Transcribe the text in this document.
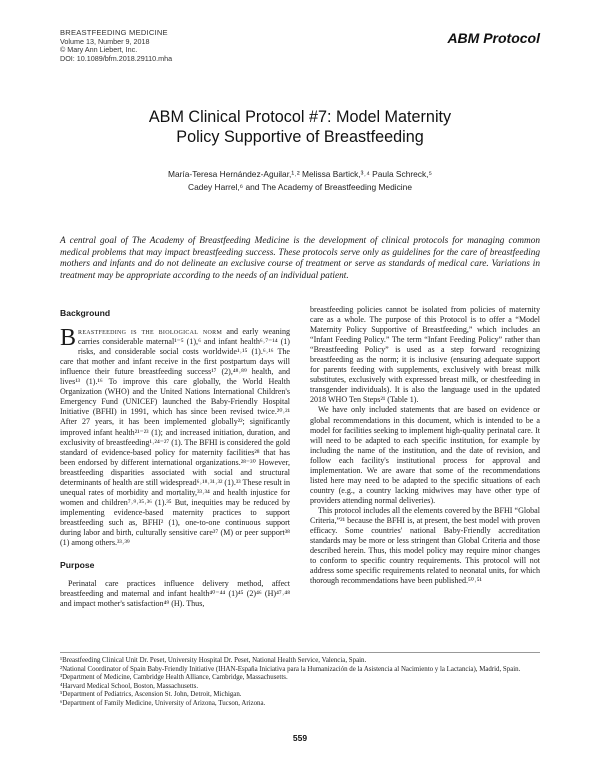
BREASTFEEDING MEDICINE
Volume 13, Number 9, 2018
© Mary Ann Liebert, Inc.
DOI: 10.1089/bfm.2018.29110.mha
ABM Protocol
ABM Clinical Protocol #7: Model Maternity
Policy Supportive of Breastfeeding
María-Teresa Hernández-Aguilar,¹˒² Melissa Bartick,³˒⁴ Paula Schreck,⁵
Cadey Harrel,⁶ and The Academy of Breastfeeding Medicine
A central goal of The Academy of Breastfeeding Medicine is the development of clinical protocols for managing common medical problems that may impact breastfeeding success. These protocols serve only as guidelines for the care of breastfeeding mothers and infants and do not delineate an exclusive course of treatment or serve as standards of medical care. Variations in treatment may be appropriate according to the needs of an individual patient.
Background

Breastfeeding is the biological norm and early weaning carries considerable maternal¹⁻⁵ (1),⁶ and infant health⁶˒⁷⁻¹⁴ (1) risks, and considerable social costs worldwide¹˒¹⁵ (1).⁶˒¹⁶ The care that mother and infant receive in the first postpartum days will influence their future breastfeeding success¹⁷ (2),⁴⁸˒⁸⁹ health, and lives¹³ (1).¹⁶ To improve this care globally, the World Health Organization (WHO) and the United Nations International Children's Emergency Fund (UNICEF) launched the Baby-Friendly Hospital Initiative (BFHI) in 1991, which has since been revised twice.²⁰˒²¹ After 27 years, it has been implemented globally²²; significantly improved infant health²¹⁻²³ (1); and increased initiation, duration, and exclusivity of breastfeeding¹˒²⁴⁻²⁷ (1). The BFHI is considered the gold standard of evidence-based policy for maternity facilities²⁸ that has been endorsed by different international organizations.²⁸⁻³⁰ However, breastfeeding disparities associated with social and structural determinants of health are still widespread⁶˒¹⁸˒³¹˒³² (1).³³ These result in unequal rates of morbidity and mortality,³³˒³⁴ and health injustice for women and children⁷˒⁹˒³⁵˒³⁶ (1).³⁵ But, inequities may be reduced by implementing evidence-based maternity practices to support breastfeeding such as, BFHI² (1), one-to-one continuous support during labor and birth, culturally sensitive care³⁷ (M) or peer support³⁸ (1) among others.³³˒³⁹

Purpose

Perinatal care practices influence delivery method, affect breastfeeding and maternal and infant health⁴⁰⁻⁴⁴ (1)⁴⁵ (2)⁴⁶ (H)⁴⁷˒⁴⁸ and impact mother's satisfaction⁴⁹ (H). Thus,

breastfeeding policies cannot be isolated from policies of maternity care as a whole. The purpose of this Protocol is to offer a “Model Maternity Policy Supportive of Breastfeeding,” which includes an “Infant Feeding Policy.” The term “Infant Feeding Policy” rather than “Breastfeeding Policy” is used as a step forward recognizing breastfeeding as the norm; it is inclusive (ensuring adequate support for parents feeding with supplements, exclusively with breast milk substitutes, exclusively with expressed breast milk, or chestfeeding in transgender individuals). It is also the language used in the updated 2018 WHO Ten Steps²¹ (Table 1).

We have only included statements that are based on evidence or global recommendations in this document, which is intended to be a model for facilities seeking to implement high-quality perinatal care. It will need to be adapted to each specific institution, for example by including the name of the institution, and the date of revision, and follow each facility's institutional process for approval and implementation. We are aware that some of the recommendations listed here may need to be adapted to the specific situations of each country (e.g., a country lacking midwives may have other type of providers attending normal deliveries).

This protocol includes all the elements covered by the BFHI “Global Criteria,”²¹ because the BFHI is, at present, the best model with proven efficacy. Some countries' national Baby-Friendly accreditation standards may be more or less stringent than Global Criteria and those described herein. Thus, this model policy may require minor changes to conform to specific country requirements. This protocol will not address some specific requirements related to neonatal units, for which thorough recommendations have been published.⁵⁰˒⁵¹

¹Breastfeeding Clinical Unit Dr. Peset, University Hospital Dr. Peset, National Health Service, Valencia, Spain.
²National Coordinator of Spain Baby-Friendly Initiative (IHAN-España Iniciativa para la Humanización de la Asistencia al Nacimiento y la Lactancia), Madrid, Spain.
³Department of Medicine, Cambridge Health Alliance, Cambridge, Massachusetts.
⁴Harvard Medical School, Boston, Massachusetts.
⁵Department of Pediatrics, Ascension St. John, Detroit, Michigan.
⁶Department of Family Medicine, University of Arizona, Tucson, Arizona.
559
